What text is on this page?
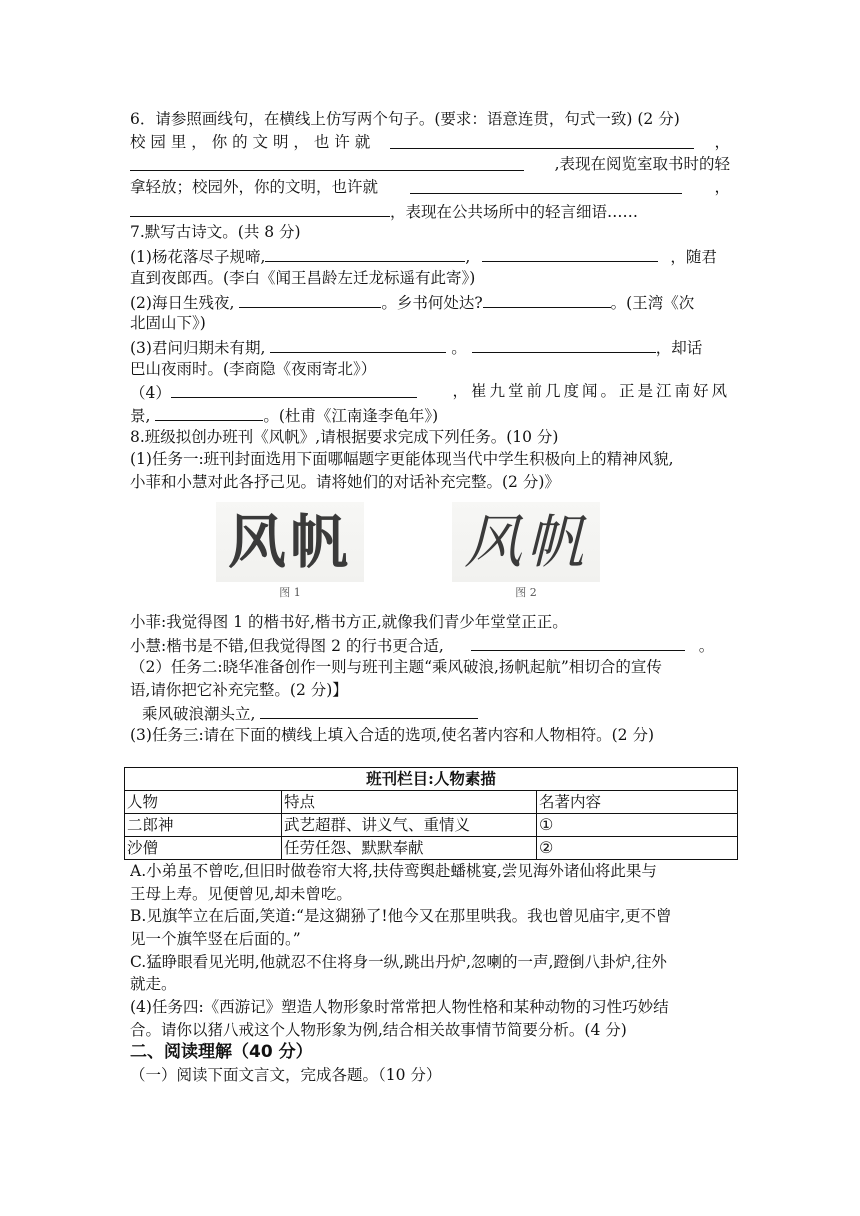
6．请参照画线句，在横线上仿写两个句子。(要求：语意连贯，句式一致) (2 分)
校 园 里 ， 你 的 文 明 ， 也 许 就	，
,表现在阅览室取书时的轻
拿轻放；校园外，你的文明，也许就	，
，表现在公共场所中的轻言细语……
7.默写古诗文。(共 8 分)
(1)杨花落尽子规啼,	,	，随君
直到夜郎西。(李白《闻王昌龄左迁龙标遥有此寄》)
(2)海日生残夜,	。乡书何处达?	。(王湾《次
北固山下》)
(3)君问归期未有期,	。	，却话
巴山夜雨时。(李商隐《夜雨寄北》）
（4）	，崔九堂前几度闻。正是江南好风
景,	。(杜甫《江南逢李龟年》)
8.班级拟创办班刊《风帆》,请根据要求完成下列任务。(10 分)
(1)任务一:班刊封面选用下面哪幅题字更能体现当代中学生积极向上的精神风貌,
小菲和小慧对此各抒己见。请将她们的对话补充完整。(2 分)》
风帆
图 1
风帆
图 2
小菲:我觉得图 1 的楷书好,楷书方正,就像我们青少年堂堂正正。
小慧:楷书是不错,但我觉得图 2 的行书更合适,	。
（2）任务二:晓华准备创作一则与班刊主题“乘风破浪,扬帆起航”相切合的宣传
语,请你把它补充完整。(2 分)】
乘风破浪潮头立,
(3)任务三:请在下面的横线上填入合适的选项,使名著内容和人物相符。(2 分)
班刊栏目:人物素描		
人物	特点	名著内容
二郎神	武艺超群、讲义气、重情义	①
沙僧	任劳任怨、默默奉献	②
A.小弟虽不曾吃,但旧时做卷帘大将,扶侍鸾舆赴蟠桃宴,尝见海外诸仙将此果与
王母上寿。见便曾见,却未曾吃。
B.见旗竿立在后面,笑道:“是这猢狲了!他今又在那里哄我。我也曾见庙宇,更不曾
见一个旗竿竖在后面的。”
C.猛睁眼看见光明,他就忍不住将身一纵,跳出丹炉,忽喇的一声,蹬倒八卦炉,往外
就走。
(4)任务四:《西游记》塑造人物形象时常常把人物性格和某种动物的习性巧妙结
合。请你以猪八戒这个人物形象为例,结合相关故事情节简要分析。(4 分)
二、阅读理解（40 分）
（一）阅读下面文言文，完成各题。（10 分）
